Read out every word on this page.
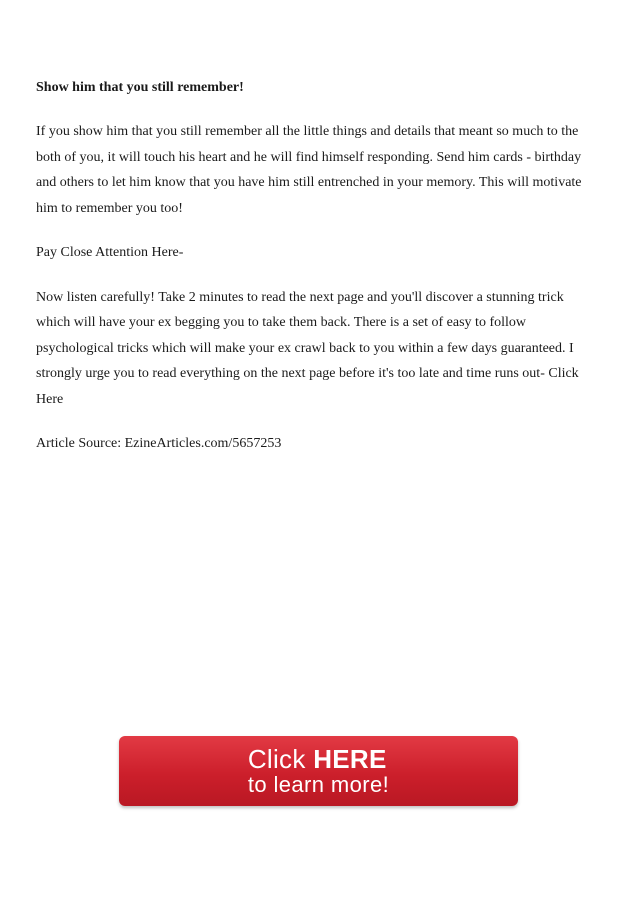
Show him that you still remember!

If you show him that you still remember all the little things and details that meant so much to the both of you, it will touch his heart and he will find himself responding. Send him cards - birthday and others to let him know that you have him still entrenched in your memory. This will motivate him to remember you too!

Pay Close Attention Here-

Now listen carefully! Take 2 minutes to read the next page and you'll discover a stunning trick which will have your ex begging you to take them back. There is a set of easy to follow psychological tricks which will make your ex crawl back to you within a few days guaranteed. I strongly urge you to read everything on the next page before it's too late and time runs out- Click Here

Article Source: EzineArticles.com/5657253

Click HERE
to learn more!
